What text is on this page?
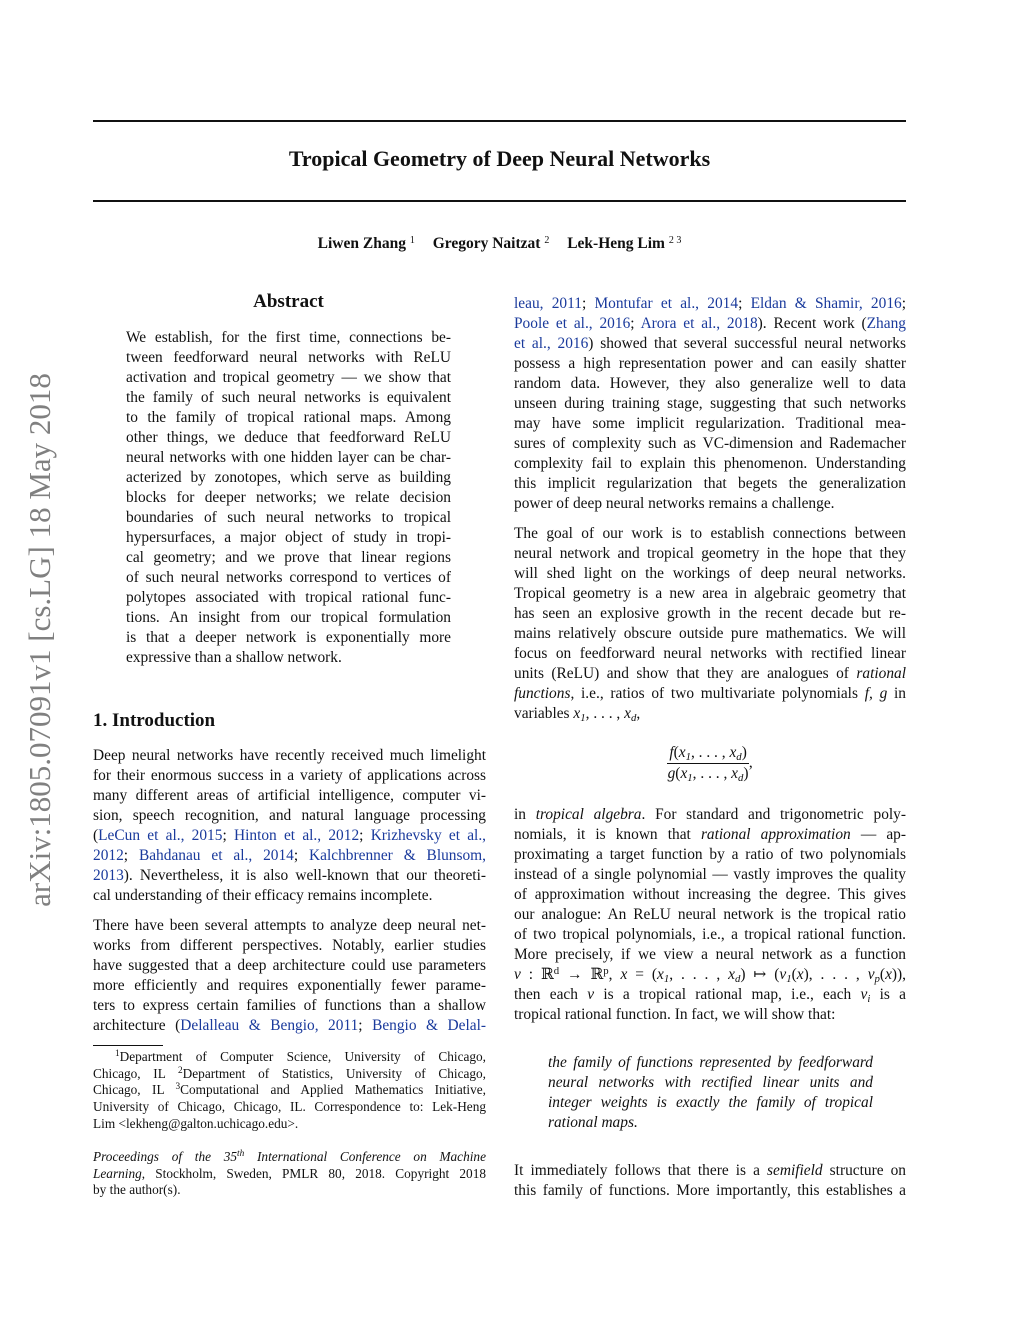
arXiv:1805.07091v1 [cs.LG] 18 May 2018
Tropical Geometry of Deep Neural Networks
Liwen Zhang $^1$ Gregory Naitzat $^2$ Lek-Heng Lim $^{2 3}$
Abstract
We establish, for the first time, connections be-
tween feedforward neural networks with ReLU
activation and tropical geometry — we show that
the family of such neural networks is equivalent
to the family of tropical rational maps. Among
other things, we deduce that feedforward ReLU
neural networks with one hidden layer can be char-
acterized by zonotopes, which serve as building
blocks for deeper networks; we relate decision
boundaries of such neural networks to tropical
hypersurfaces, a major object of study in tropi-
cal geometry; and we prove that linear regions
of such neural networks correspond to vertices of
polytopes associated with tropical rational func-
tions. An insight from our tropical formulation
is that a deeper network is exponentially more
expressive than a shallow network.
1. Introduction
Deep neural networks have recently received much limelight
for their enormous success in a variety of applications across
many different areas of artificial intelligence, computer vi-
sion, speech recognition, and natural language processing
(LeCun et al., 2015; Hinton et al., 2012; Krizhevsky et al.,
2012; Bahdanau et al., 2014; Kalchbrenner & Blunsom,
2013). Nevertheless, it is also well-known that our theoreti-
cal understanding of their efficacy remains incomplete.
There have been several attempts to analyze deep neural net-
works from different perspectives. Notably, earlier studies
have suggested that a deep architecture could use parameters
more efficiently and requires exponentially fewer parame-
ters to express certain families of functions than a shallow
architecture (Delalleau & Bengio, 2011; Bengio & Delal-
$^1$Department of Computer Science, University of Chicago,
Chicago, IL $^2$Department of Statistics, University of Chicago,
Chicago, IL $^3$Computational and Applied Mathematics Initiative,
University of Chicago, Chicago, IL. Correspondence to: Lek-Heng
Lim <lekheng@galton.uchicago.edu>.
Proceedings of the 35th International Conference on Machine
Learning, Stockholm, Sweden, PMLR 80, 2018. Copyright 2018
by the author(s).
leau, 2011; Montufar et al., 2014; Eldan & Shamir, 2016;
Poole et al., 2016; Arora et al., 2018). Recent work (Zhang
et al., 2016) showed that several successful neural networks
possess a high representation power and can easily shatter
random data. However, they also generalize well to data
unseen during training stage, suggesting that such networks
may have some implicit regularization. Traditional mea-
sures of complexity such as VC-dimension and Rademacher
complexity fail to explain this phenomenon. Understanding
this implicit regularization that begets the generalization
power of deep neural networks remains a challenge.
The goal of our work is to establish connections between
neural network and tropical geometry in the hope that they
will shed light on the workings of deep neural networks.
Tropical geometry is a new area in algebraic geometry that
has seen an explosive growth in the recent decade but re-
mains relatively obscure outside pure mathematics. We will
focus on feedforward neural networks with rectified linear
units (ReLU) and show that they are analogues of rational
functions, i.e., ratios of two multivariate polynomials f, g in
variables $x_1$, . . . , $x_d$,
$\frac{f(x_1, . . . , x_d)}{g(x_1, . . . , x_d)}$ ,
in tropical algebra. For standard and trigonometric poly-
nomials, it is known that rational approximation — ap-
proximating a target function by a ratio of two polynomials
instead of a single polynomial — vastly improves the quality
of approximation without increasing the degree. This gives
our analogue: An ReLU neural network is the tropical ratio
of two tropical polynomials, i.e., a tropical rational function.
More precisely, if we view a neural network as a function
ν : ℝ$^d$ → ℝ$^p$, $x = (x_1$, . . . , $x_d$) ↦ ($\nu_1(x)$, . . . , $\nu_p(x)$),
then each ν is a tropical rational map, i.e., each $\nu_i$ is a
tropical rational function. In fact, we will show that:
the family of functions represented by feedforward
neural networks with rectified linear units and
integer weights is exactly the family of tropical
rational maps.
It immediately follows that there is a semifield structure on
this family of functions. More importantly, this establishes a
